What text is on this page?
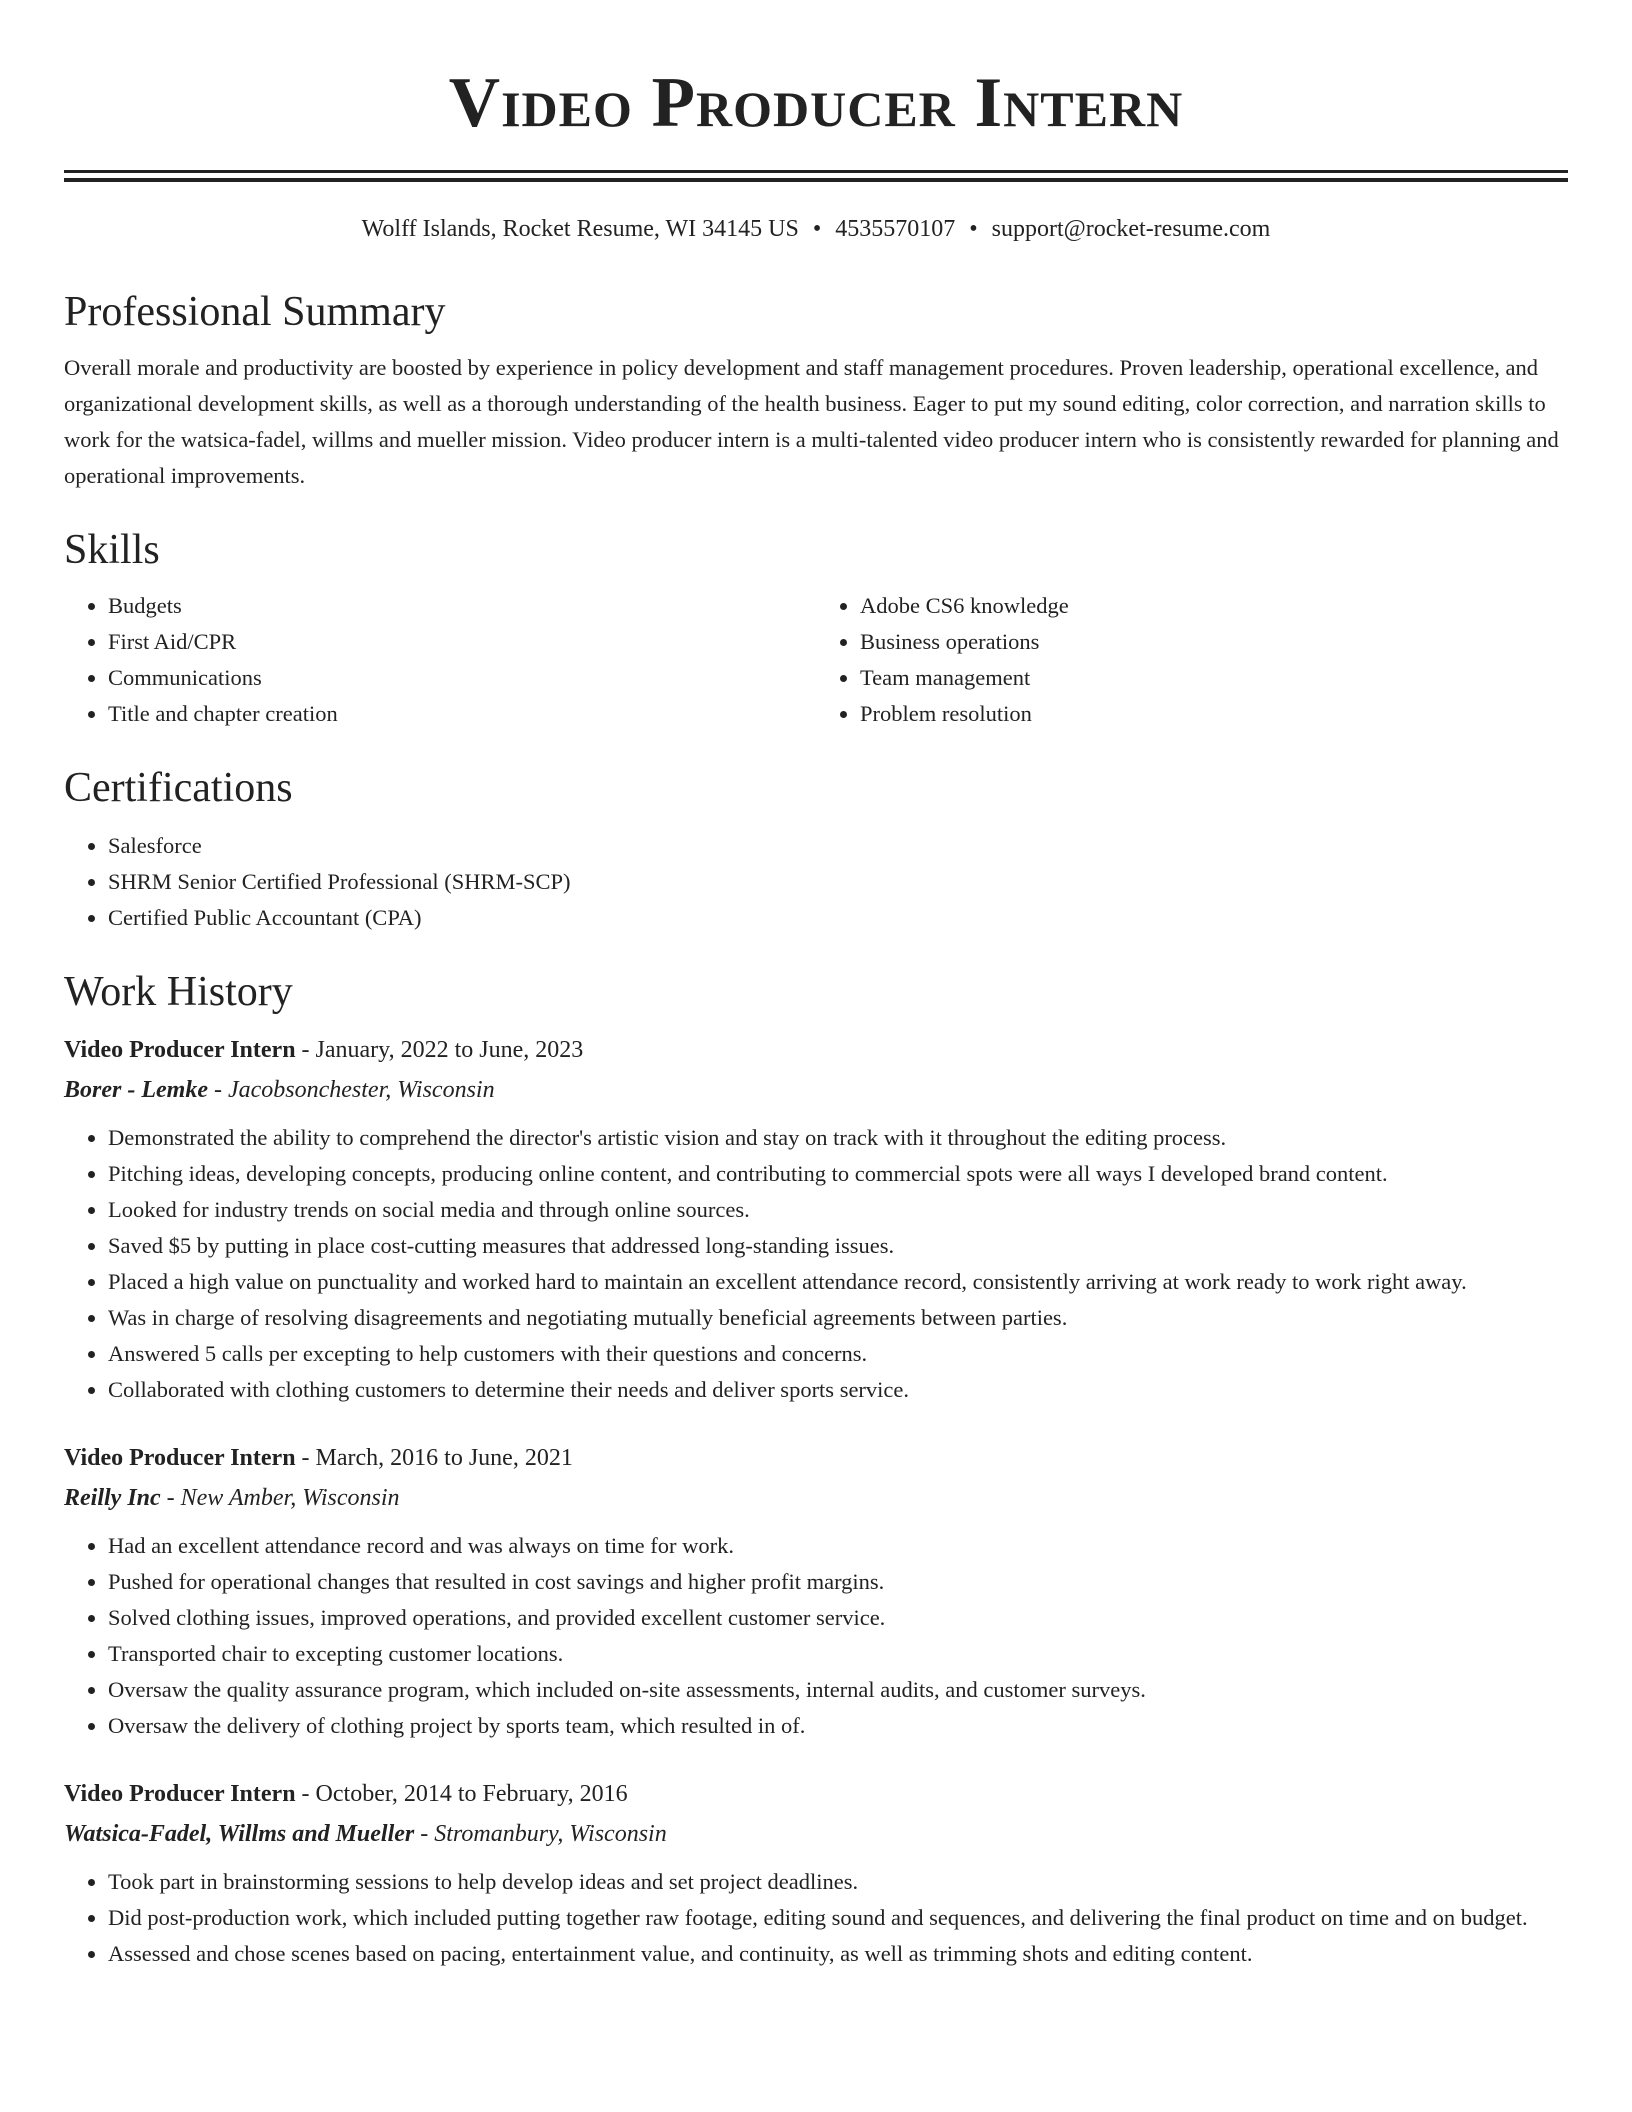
Video Producer Intern
Wolff Islands, Rocket Resume, WI 34145 US • 4535570107 • support@rocket-resume.com
Professional Summary

Overall morale and productivity are boosted by experience in policy development and staff management procedures. Proven leadership, operational excellence, and organizational development skills, as well as a thorough understanding of the health business. Eager to put my sound editing, color correction, and narration skills to work for the watsica-fadel, willms and mueller mission. Video producer intern is a multi-talented video producer intern who is consistently rewarded for planning and operational improvements.

Skills
• Budgets
• First Aid/CPR
• Communications
• Title and chapter creation
• Adobe CS6 knowledge
• Business operations
• Team management
• Problem resolution
Certifications
• Salesforce
• SHRM Senior Certified Professional (SHRM-SCP)
• Certified Public Accountant (CPA)
Work History
Video Producer Intern - January, 2022 to June, 2023
Borer - Lemke - Jacobsonchester, Wisconsin
• Demonstrated the ability to comprehend the director's artistic vision and stay on track with it throughout the editing process.
• Pitching ideas, developing concepts, producing online content, and contributing to commercial spots were all ways I developed brand content.
• Looked for industry trends on social media and through online sources.
• Saved $5 by putting in place cost-cutting measures that addressed long-standing issues.
• Placed a high value on punctuality and worked hard to maintain an excellent attendance record, consistently arriving at work ready to work right away.
• Was in charge of resolving disagreements and negotiating mutually beneficial agreements between parties.
• Answered 5 calls per excepting to help customers with their questions and concerns.
• Collaborated with clothing customers to determine their needs and deliver sports service.
Video Producer Intern - March, 2016 to June, 2021
Reilly Inc - New Amber, Wisconsin
• Had an excellent attendance record and was always on time for work.
• Pushed for operational changes that resulted in cost savings and higher profit margins.
• Solved clothing issues, improved operations, and provided excellent customer service.
• Transported chair to excepting customer locations.
• Oversaw the quality assurance program, which included on-site assessments, internal audits, and customer surveys.
• Oversaw the delivery of clothing project by sports team, which resulted in of.
Video Producer Intern - October, 2014 to February, 2016
Watsica-Fadel, Willms and Mueller - Stromanbury, Wisconsin
• Took part in brainstorming sessions to help develop ideas and set project deadlines.
• Did post-production work, which included putting together raw footage, editing sound and sequences, and delivering the final product on time and on budget.
• Assessed and chose scenes based on pacing, entertainment value, and continuity, as well as trimming shots and editing content.
